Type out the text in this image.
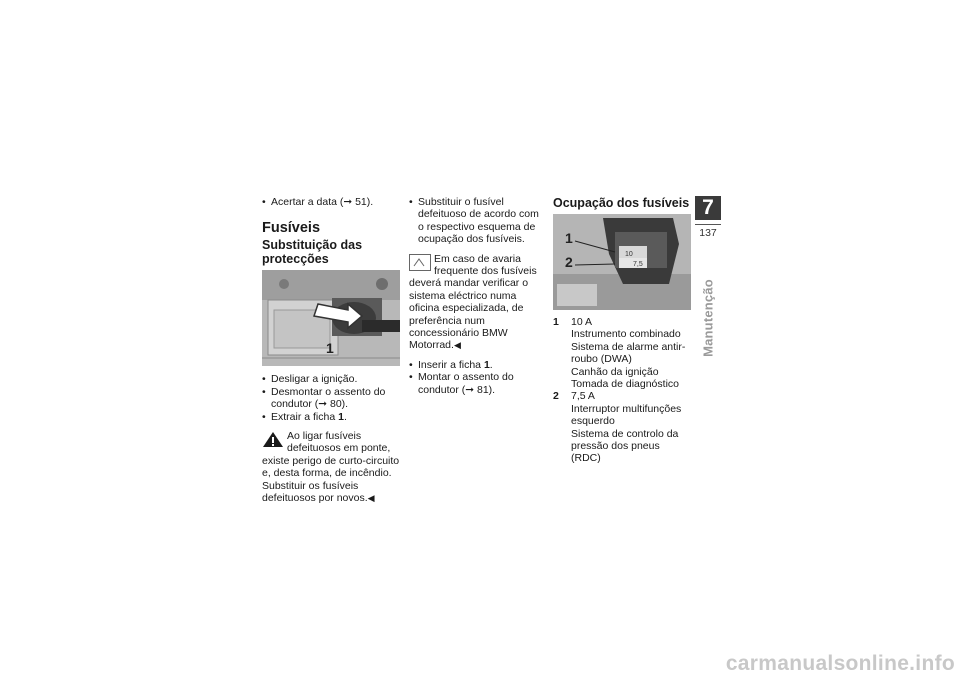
• Acertar a data (➞ 51).
Fusíveis
Substituição das protecções
1
• Desligar a ignição.
• Desmontar o assento do condutor (➞ 80).
• Extrair a ficha 1.
Ao ligar fusíveis defeituosos em ponte, existe perigo de curto-circuito e, desta forma, de incêndio.
Substituir os fusíveis defeituosos por novos.◀
• Substituir o fusível defeituoso de acordo com o respectivo esquema de ocupação dos fusíveis.
Em caso de avaria frequente dos fusíveis deverá mandar verificar o sistema eléctrico numa oficina especializada, de preferência num concessionário BMW Motorrad.◀
• Inserir a ficha 1.
• Montar o assento do condutor (➞ 81).
Ocupação dos fusíveis
10
7,5
1
2
1	10 A
Instrumento combinado
Sistema de alarme antir-
roubo (DWA)
Canhão da ignição
Tomada de diagnóstico
2	7,5 A
Interruptor multifunções
esquerdo
Sistema de controlo da
pressão dos pneus (RDC)
7
137
Manutenção
carmanualsonline.info
